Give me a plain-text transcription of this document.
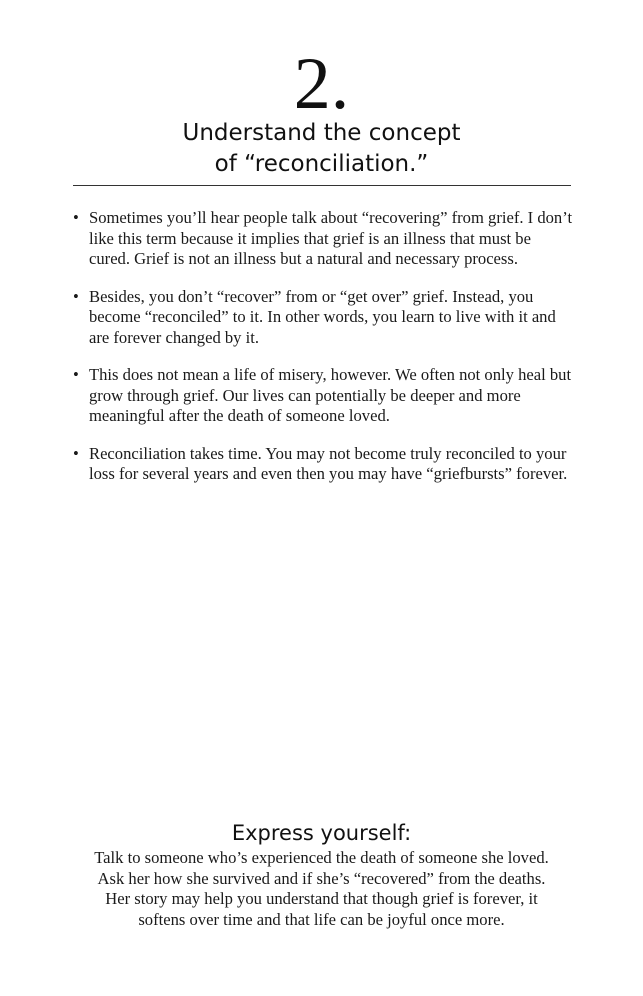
2.
Understand the concept
of “reconciliation.”
• Sometimes you’ll hear people talk about “recovering” from grief. I don’t like this term because it implies that grief is an illness that must be cured. Grief is not an illness but a natural and necessary process.
• Besides, you don’t “recover” from or “get over” grief. Instead, you become “reconciled” to it. In other words, you learn to live with it and are forever changed by it.
• This does not mean a life of misery, however. We often not only heal but grow through grief. Our lives can potentially be deeper and more meaningful after the death of someone loved.
• Reconciliation takes time. You may not become truly reconciled to your loss for several years and even then you may have “griefbursts” forever.
Express yourself:
Talk to someone who’s experienced the death of someone she loved.
Ask her how she survived and if she’s “recovered” from the deaths.
Her story may help you understand that though grief is forever, it
softens over time and that life can be joyful once more.
